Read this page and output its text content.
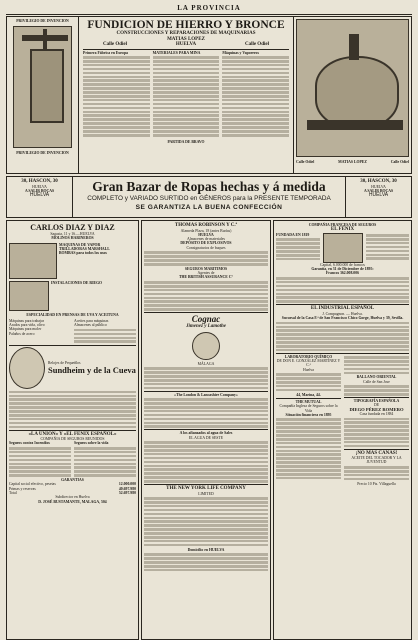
LA PROVINCIA
PRIVILEGIO DE INVENCION
PRIVILEGIO DE INVENCION
FUNDICION DE HIERRO Y BRONCE
CONSTRUCCIONES Y REPARACIONES DE MAQUINARIAS
MATIAS LOPEZ
Calle Odiel	HUELVA	Calle Odiel
Primera Fábrica en Europa	MATERIALES PARA MINA	Máquinas y Vaporeros
PARTIDA DE BRAVO
Calle Odiel	MATIAS LOPEZ	Calle Odiel
30, HASCON, 30
HUELVA
A SALIR BOCAS
HUELVA
Gran Bazar de Ropas hechas y á medida
COMPLETO y VARIADO SURTIDO en GÉNEROS para la PRESENTE TEMPORADA
SE GARANTIZA LA BUENA CONFECCIÓN
30, HASCON, 30
HUELVA
A SALIR BOCAS
HUELVA
CARLOS DIAZ Y DIAZ
Sagasta, 11 y 16.—HUELVA
MOLINOS HARINEROS
MAQUINAS DE VAPOR
TRILLADORAS MARSHALL
BOMBAS para todos los usos
INSTALACIONES DE RIEGO
ESPECIALIDAD EN PRENSAS DE UVA Y ACEITUNA
Máquinas para trabajar
Arados para viña, olivo
Máquinas para moler
Palaños de acero
Aceites para máquinas
Almacenes al público
Relojes de Pequeñlos
Sundheim y de la Cueva
«LA UNION» Y «EL FENIX ESPAÑOL»
COMPAÑIA DE SEGUROS REUNIDOS
Seguros contra Incendios	Seguros sobre la vida
GARANTIAS
Capital social efectivo, pesetas	12.000.000
Primas y reservas	40.697.980
Total	52.697.980
Subdirector en Huelva
D. JOSÉ BUSTAMANTE, MALAGA, 504
THOMAS ROBINSON Y C.ª
Alameda Plaza, 18 (antes Burías)
HUELVA
Almacenes de materiales
DEPÓSITO DE EXPLOSIVOS
Consignatarios de buques
SEGUROS MARITIMOS
Agentes de
THE BRITISH ASSURANCE C°
Cognac
Jimenez y Lamothe
MÁLAGA
«The London & Lancashire Company»
A los afianzados al agua de Sales
EL AGUA DE SESTE
THE NEW YORK LIFE COMPANY
LIMITED
Domicilio en HUELVA
COMPAÑIA FRANCESA DE SEGUROS
EL FÉNIX
FUNDADA EN 1819
Capital, 6.000.000 de francos
Garantía, en 31 de Diciembre de 1895:
Francos 362.008.006
EL INDUSTRIAL ESPAÑOL
J. Compagnon. — Huelva.
Sucursal de la Casa F.ª de San Francisco Chico Gorge, Huelva y 39, Sevilla.
LABORATORIO QUÍMICO
DE DON E. GONZÁLEZ MARTÍNEZ Y C.ª
Huelva
44, Marina, 44.
THE MUTUAL
Compañía Inglesa de Seguros sobre la Vida
Situación financiera en 1895
BALLANO ORIENTAL
Calle de San Jose
TIPOGRAFÍA ESPAÑOLA
DE
DIEGO PÉREZ ROMERO
Casa fundada en 1884
¡NO MAS CANAS!
ACEITE DEL TOCADOR Y LA JUVENTUD
Precio 10 Pts. Villaguella
